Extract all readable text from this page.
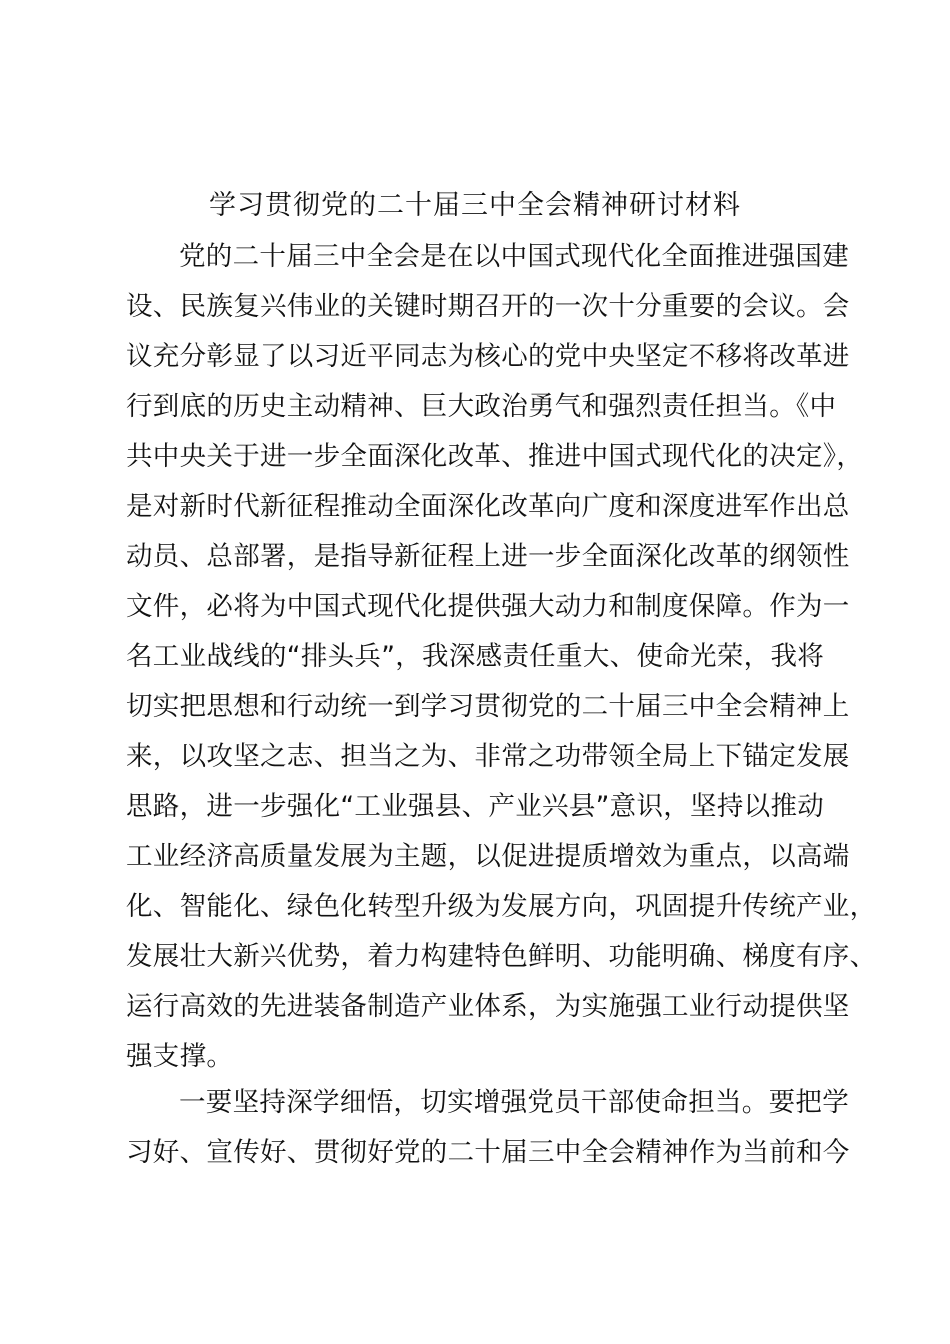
学习贯彻党的二十届三中全会精神研讨材料
党的二十届三中全会是在以中国式现代化全面推进强国建
设、民族复兴伟业的关键时期召开的一次十分重要的会议。会
议充分彰显了以习近平同志为核心的党中央坚定不移将改革进
行到底的历史主动精神、巨大政治勇气和强烈责任担当。《中
共中央关于进一步全面深化改革、推进中国式现代化的决定》，
是对新时代新征程推动全面深化改革向广度和深度进军作出总
动员、总部署，是指导新征程上进一步全面深化改革的纲领性
文件，必将为中国式现代化提供强大动力和制度保障。作为一
名工业战线的“排头兵”，我深感责任重大、使命光荣，我将
切实把思想和行动统一到学习贯彻党的二十届三中全会精神上
来，以攻坚之志、担当之为、非常之功带领全局上下锚定发展
思路，进一步强化“工业强县、产业兴县”意识，坚持以推动
工业经济高质量发展为主题，以促进提质增效为重点，以高端
化、智能化、绿色化转型升级为发展方向，巩固提升传统产业，
发展壮大新兴优势，着力构建特色鲜明、功能明确、梯度有序、
运行高效的先进装备制造产业体系，为实施强工业行动提供坚
强支撑。
一要坚持深学细悟，切实增强党员干部使命担当。要把学
习好、宣传好、贯彻好党的二十届三中全会精神作为当前和今
